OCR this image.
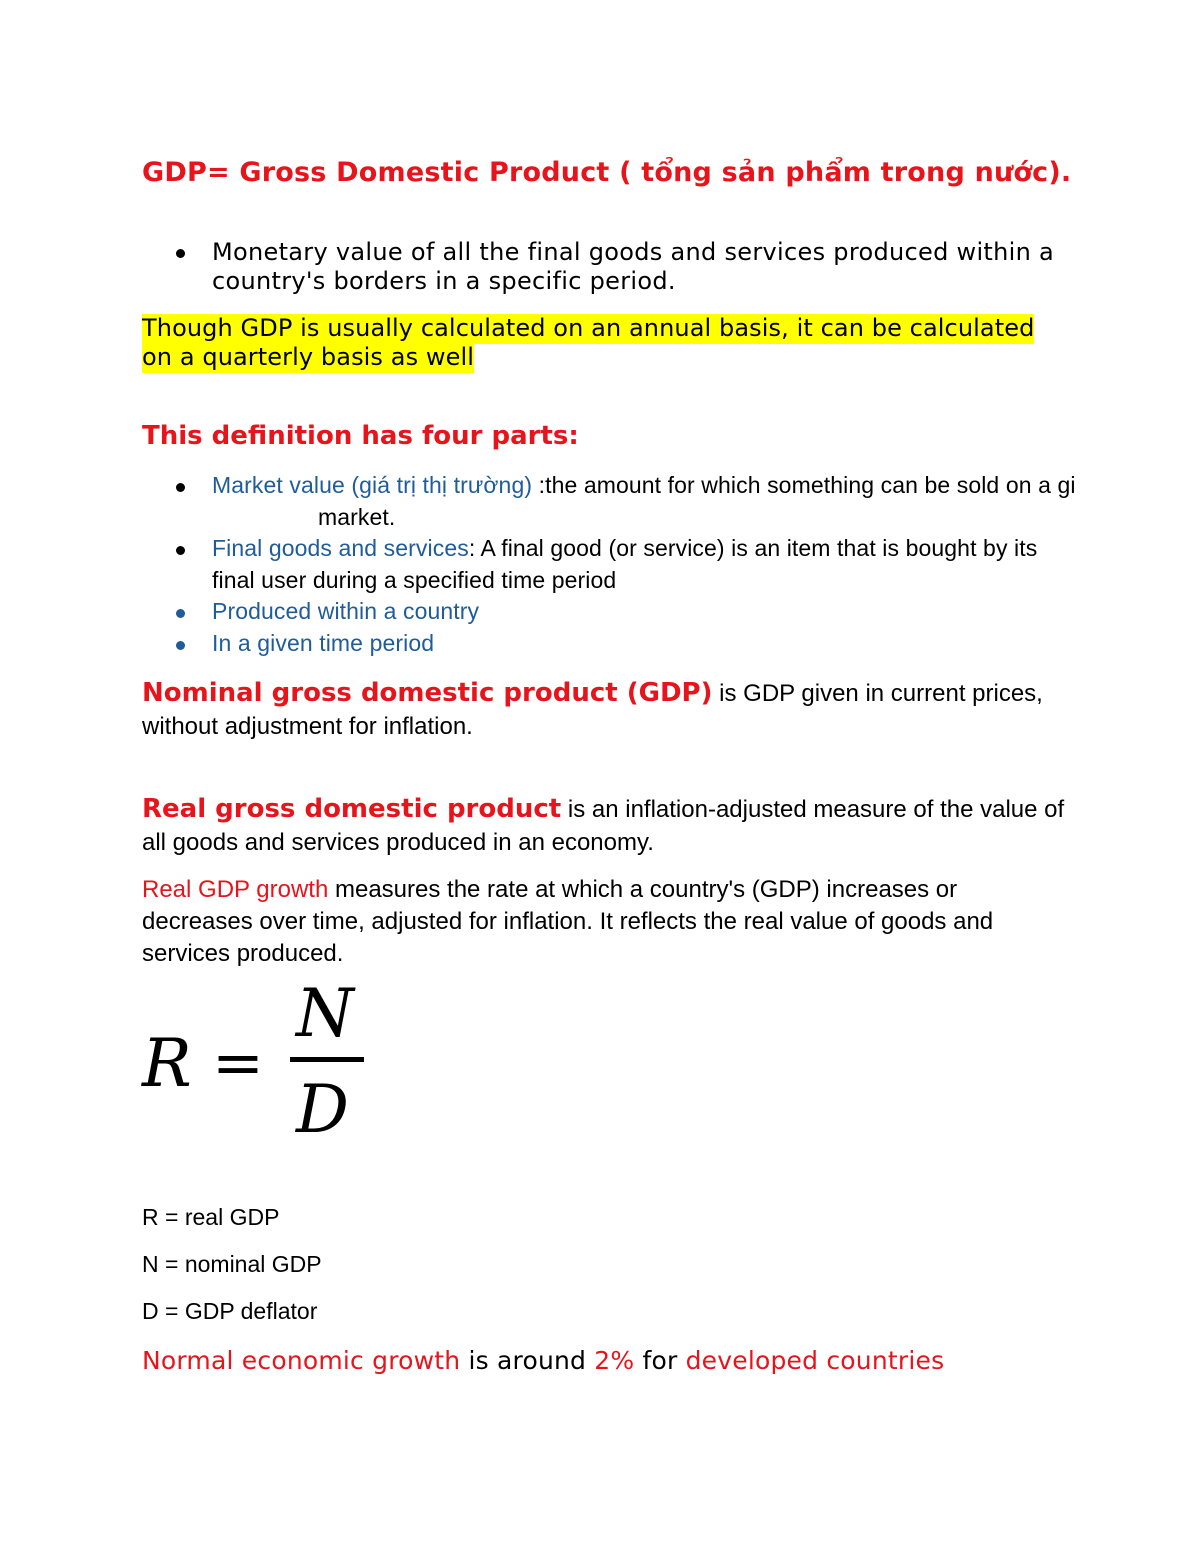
GDP= Gross Domestic Product ( tổng sản phẩm trong nước).
Monetary value of all the final goods and services produced within a country's borders in a specific period.

Though GDP is usually calculated on an annual basis, it can be calculated on a quarterly basis as well

This definition has four parts:
Market value (giá trị thị trường) :the amount for which something can be sold on a gimarket.
Final goods and services: A final good (or service) is an item that is bought by its final user during a specified time period
Produced within a country
In a given time period

Nominal gross domestic product (GDP) is GDP given in current prices, without adjustment for inflation.

Real gross domestic product is an inflation-adjusted measure of the value of all goods and services produced in an economy.

Real GDP growth measures the rate at which a country's (GDP) increases or decreases over time, adjusted for inflation. It reflects the real value of goods and services produced.

R =
N
D
R = real GDP
N = nominal GDP
D = GDP deflator

Normal economic growth is around 2% for developed countries
